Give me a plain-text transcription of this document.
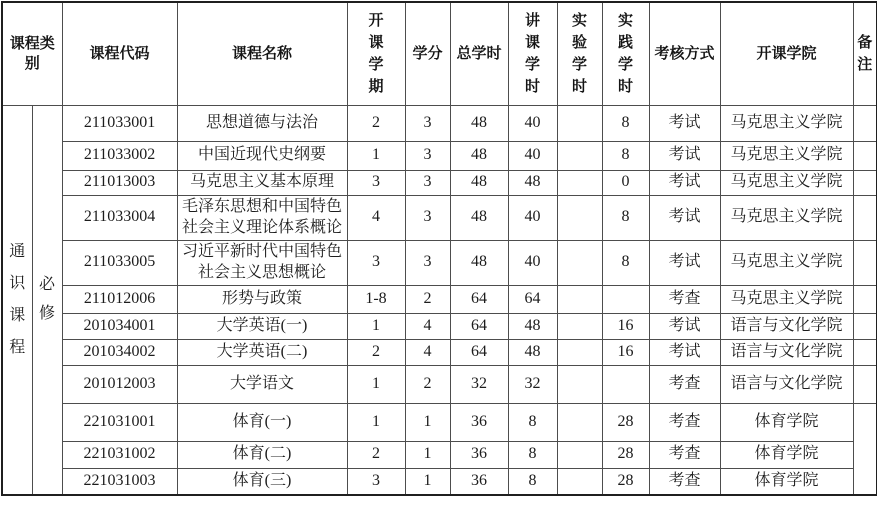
课程类别		课程代码	课程名称	开课学期	学分	总学时	讲课学时	实验学时	实践学时	考核方式	开课学院	备注
通识课程	必修	211033001	思想道德与法治	2	3	48	40		8	考试	马克思主义学院	
		211033002	中国近现代史纲要	1	3	48	40		8	考试	马克思主义学院	
		211013003	马克思主义基本原理	3	3	48	48		0	考试	马克思主义学院	
		211033004	毛泽东思想和中国特色社会主义理论体系概论	4	3	48	40		8	考试	马克思主义学院	
		211033005	习近平新时代中国特色社会主义思想概论	3	3	48	40		8	考试	马克思主义学院	
		211012006	形势与政策	1-8	2	64	64			考查	马克思主义学院	
		201034001	大学英语(一)	1	4	64	48		16	考试	语言与文化学院	
		201034002	大学英语(二)	2	4	64	48		16	考试	语言与文化学院	
		201012003	大学语文	1	2	32	32			考查	语言与文化学院	
		221031001	体育(一)	1	1	36	8		28	考查	体育学院	
		221031002	体育(二)	2	1	36	8		28	考查	体育学院	
		221031003	体育(三)	3	1	36	8		28	考查	体育学院	
